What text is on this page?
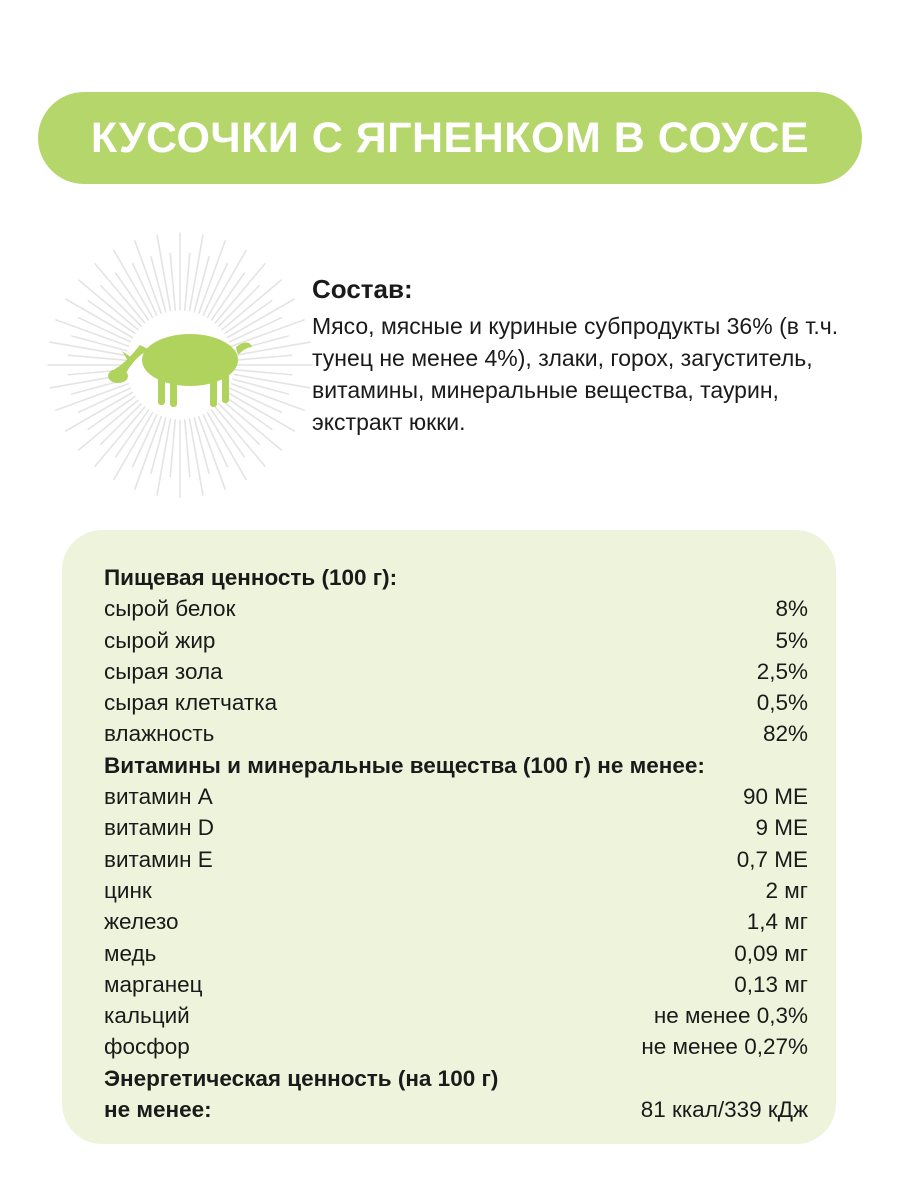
КУСОЧКИ С ЯГНЕНКОМ В СОУСЕ
Состав:

Мясо, мясные и куриные субпродукты 36% (в т.ч. тунец не менее 4%), злаки, горох, загуститель, витамины, минеральные вещества, таурин, экстракт юкки.

Пищевая ценность (100 г):
сырой белок	8%
сырой жир	5%
сырая зола	2,5%
сырая клетчатка	0,5%
влажность	82%
Витамины и минеральные вещества (100 г) не менее:
витамин А	90 МЕ
витамин D	9 МЕ
витамин Е	0,7 МЕ
цинк	2 мг
железо	1,4 мг
медь	0,09 мг
марганец	0,13 мг
кальций	не менее 0,3%
фосфор	не менее 0,27%
Энергетическая ценность (на 100 г)
не менее:	81 ккал/339 кДж
